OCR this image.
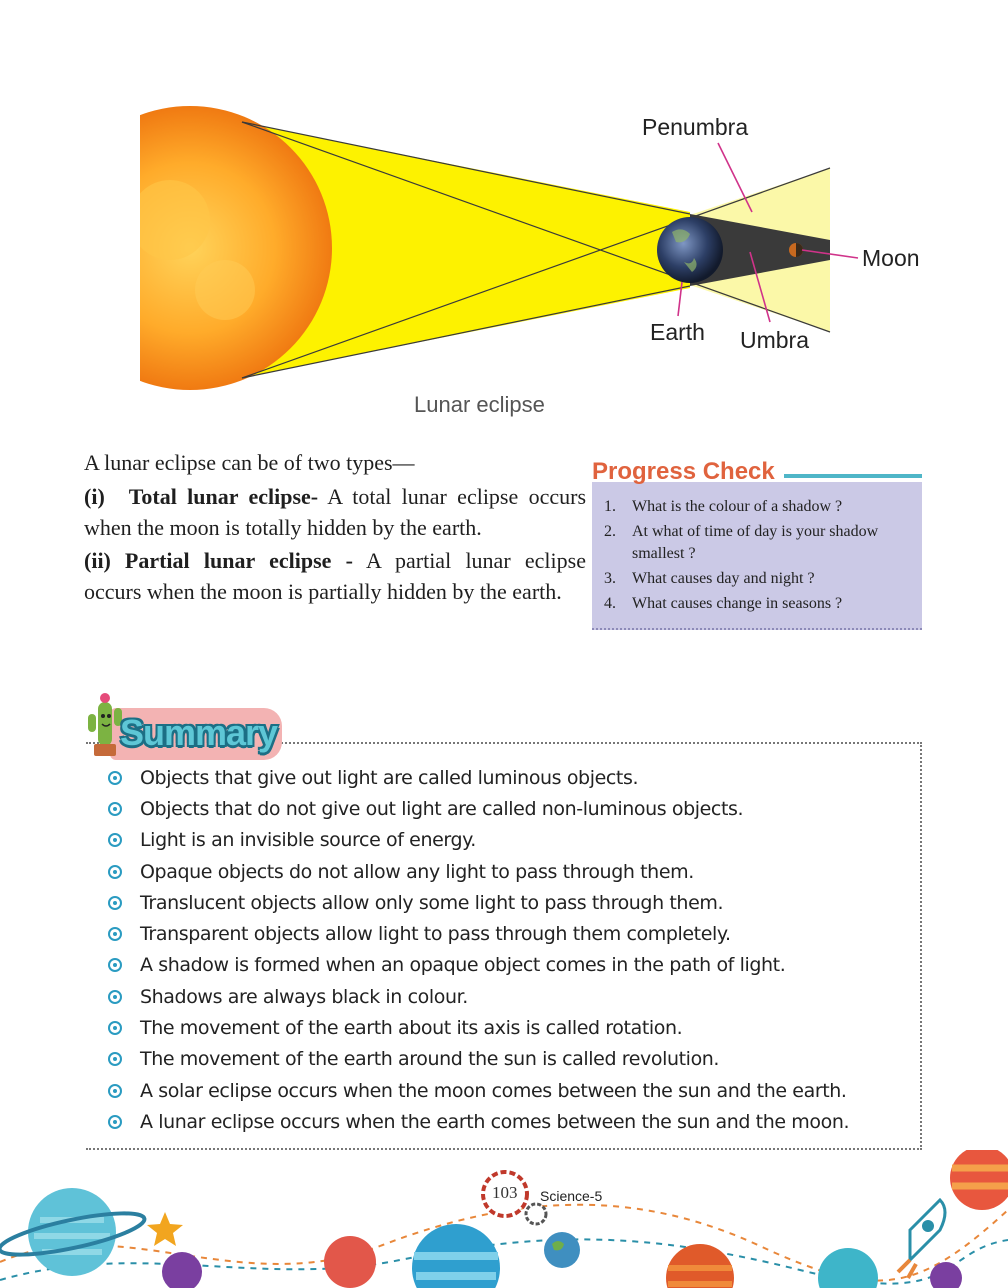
Penumbra
Moon
Earth Umbra
Lunar eclipse
A lunar eclipse can be of two types—
(i) Total lunar eclipse- A total lunar eclipse occurs when the moon is totally hidden by the earth.
(ii) Partial lunar eclipse - A partial lunar eclipse occurs when the moon is partially hidden by the earth.
1.	What is the colour of a shadow ?
2.	At what of time of day is your shadow smallest ?
3.	What causes day and night ?
4.	What causes change in seasons ?
Progress Check
Summary
Objects that give out light are called luminous objects.
Objects that do not give out light are called non-luminous objects.
Light is an invisible source of energy.
Opaque objects do not allow any light to pass through them.
Translucent objects allow only some light to pass through them.
Transparent objects allow light to pass through them completely.
A shadow is formed when an opaque object comes in the path of light.
Shadows are always black in colour.
The movement of the earth about its axis is called rotation.
The movement of the earth around the sun is called revolution.
A solar eclipse occurs when the moon comes between the sun and the earth.
A lunar eclipse occurs when the earth comes between the sun and the moon.
103 Science-5
